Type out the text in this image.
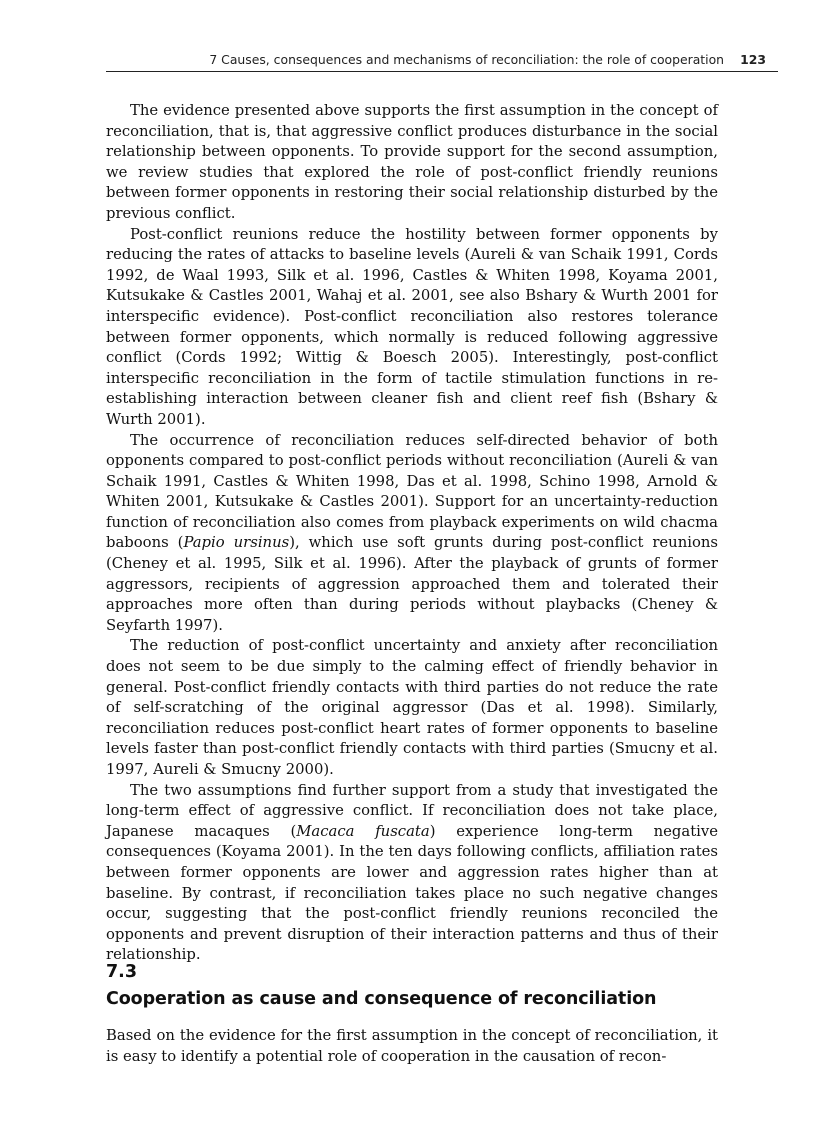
7 Causes, consequences and mechanisms of reconciliation: the role of cooperation 123

The evidence presented above supports the first assumption in the concept of reconciliation, that is, that aggressive conflict produces disturbance in the social relationship between opponents. To provide support for the second assumption, we review studies that explored the role of post-conflict friendly reunions between former opponents in restoring their social relationship disturbed by the previous conflict.

Post-conflict reunions reduce the hostility between former opponents by reducing the rates of attacks to baseline levels (Aureli & van Schaik 1991, Cords 1992, de Waal 1993, Silk et al. 1996, Castles & Whiten 1998, Koyama 2001, Kutsukake & Castles 2001, Wahaj et al. 2001, see also Bshary & Wurth 2001 for interspecific evidence). Post-conflict reconciliation also restores tolerance between former opponents, which normally is reduced following aggressive conflict (Cords 1992; Wittig & Boesch 2005). Interestingly, post-conflict interspecific reconciliation in the form of tactile stimulation functions in re-establishing interaction between cleaner fish and client reef fish (Bshary & Wurth 2001).

The occurrence of reconciliation reduces self-directed behavior of both opponents compared to post-conflict periods without reconciliation (Aureli & van Schaik 1991, Castles & Whiten 1998, Das et al. 1998, Schino 1998, Arnold & Whiten 2001, Kutsukake & Castles 2001). Support for an uncertainty-reduction function of reconciliation also comes from playback experiments on wild chacma baboons (Papio ursinus), which use soft grunts during post-conflict reunions (Cheney et al. 1995, Silk et al. 1996). After the playback of grunts of former aggressors, recipients of aggression approached them and tolerated their approaches more often than during periods without playbacks (Cheney & Seyfarth 1997).

The reduction of post-conflict uncertainty and anxiety after reconciliation does not seem to be due simply to the calming effect of friendly behavior in general. Post-conflict friendly contacts with third parties do not reduce the rate of self-scratching of the original aggressor (Das et al. 1998). Similarly, reconciliation reduces post-conflict heart rates of former opponents to baseline levels faster than post-conflict friendly contacts with third parties (Smucny et al. 1997, Aureli & Smucny 2000).

The two assumptions find further support from a study that investigated the long-term effect of aggressive conflict. If reconciliation does not take place, Japanese macaques (Macaca fuscata) experience long-term negative consequences (Koyama 2001). In the ten days following conflicts, affiliation rates between former opponents are lower and aggression rates higher than at baseline. By contrast, if reconciliation takes place no such negative changes occur, suggesting that the post-conflict friendly reunions reconciled the opponents and prevent disruption of their interaction patterns and thus of their relationship.

7.3
Cooperation as cause and consequence of reconciliation

Based on the evidence for the first assumption in the concept of reconciliation, it is easy to identify a potential role of cooperation in the causation of recon-
